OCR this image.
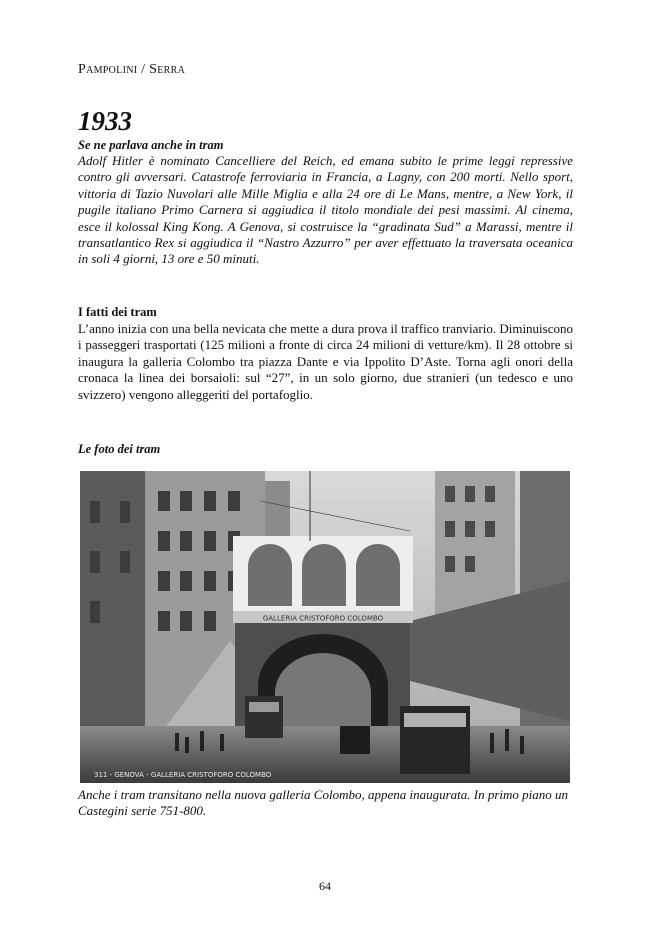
Pampolini / Serra
1933

Se ne parlava anche in tram

Adolf Hitler è nominato Cancelliere del Reich, ed emana subito le prime leggi repressive contro gli avversari. Catastrofe ferroviaria in Francia, a Lagny, con 200 morti. Nello sport, vittoria di Tazio Nuvolari alle Mille Miglia e alla 24 ore di Le Mans, mentre, a New York, il pugile italiano Primo Carnera si aggiudica il titolo mondiale dei pesi massimi. Al cinema, esce il kolossal King Kong. A Genova, si costruisce la “gradinata Sud” a Marassi, mentre il transatlantico Rex si aggiudica il “Nastro Azzurro” per aver effettuato la traversata oceanica in soli 4 giorni, 13 ore e 50 minuti.

I fatti dei tram

L’anno inizia con una bella nevicata che mette a dura prova il traffico tranviario. Diminuiscono i passeggeri trasportati (125 milioni a fronte di circa 24 milioni di vetture/km). Il 28 ottobre si inaugura la galleria Colombo tra piazza Dante e via Ippolito D’Aste. Torna agli onori della cronaca la linea dei borsaioli: sul “27”, in un solo giorno, due stranieri (un tedesco e uno svizzero) vengono alleggeriti del portafoglio.

Le foto dei tram

GALLERIA CRISTOFORO COLOMBO
311 - GENOVA - GALLERIA CRISTOFORO COLOMBO

Anche i tram transitano nella nuova galleria Colombo, appena inaugurata. In primo piano un Castegini serie 751-800.

64
